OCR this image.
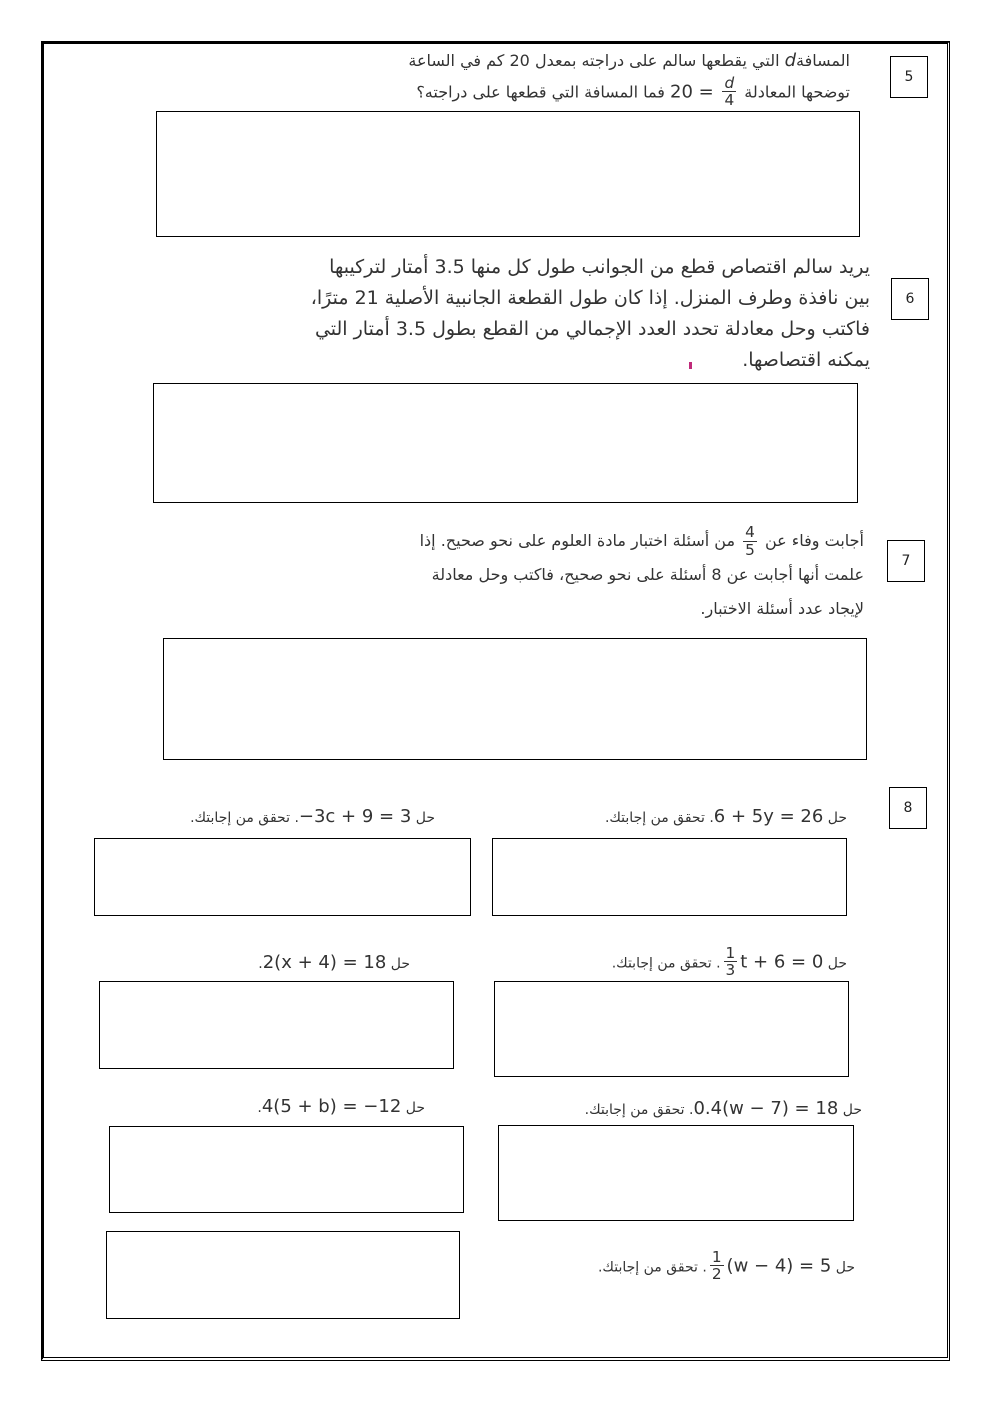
5
المسافةd التي يقطعها سالم على دراجته بمعدل 20 كم في الساعة
توضحها المعادلة $20 = \frac{d}{4}$
فما المسافة التي قطعها على دراجته؟
6
يريد سالم اقتصاص قطع من الجوانب طول كل منها 3.5 أمتار لتركيبها
بين نافذة وطرف المنزل. إذا كان طول القطعة الجانبية الأصلية 21 مترًا،
فاكتب وحل معادلة تحدد العدد الإجمالي من القطع بطول 3.5 أمتار التي
يمكنه اقتصاصها.
7
أجابت وفاء عن
$\frac{4}{5}$
من أسئلة اختبار مادة العلوم على نحو صحيح. إذا
علمت أنها أجابت عن 8 أسئلة على نحو صحيح، فاكتب وحل معادلة
لإيجاد عدد أسئلة الاختبار.
8
حل 6 + 5y = 26. تحقق من إجابتك.
حل −3c + 9 = 3. تحقق من إجابتك.
حل
$\frac{1}{3}$ t + 6 = 0. تحقق من إجابتك.
حل 2(x + 4) = 18.
حل 0.4(w − 7) = 18. تحقق من إجابتك.
حل 4(5 + b) = −12.
حل
$\frac{1}{2} (w - 4) = 5$. تحقق من إجابتك.
